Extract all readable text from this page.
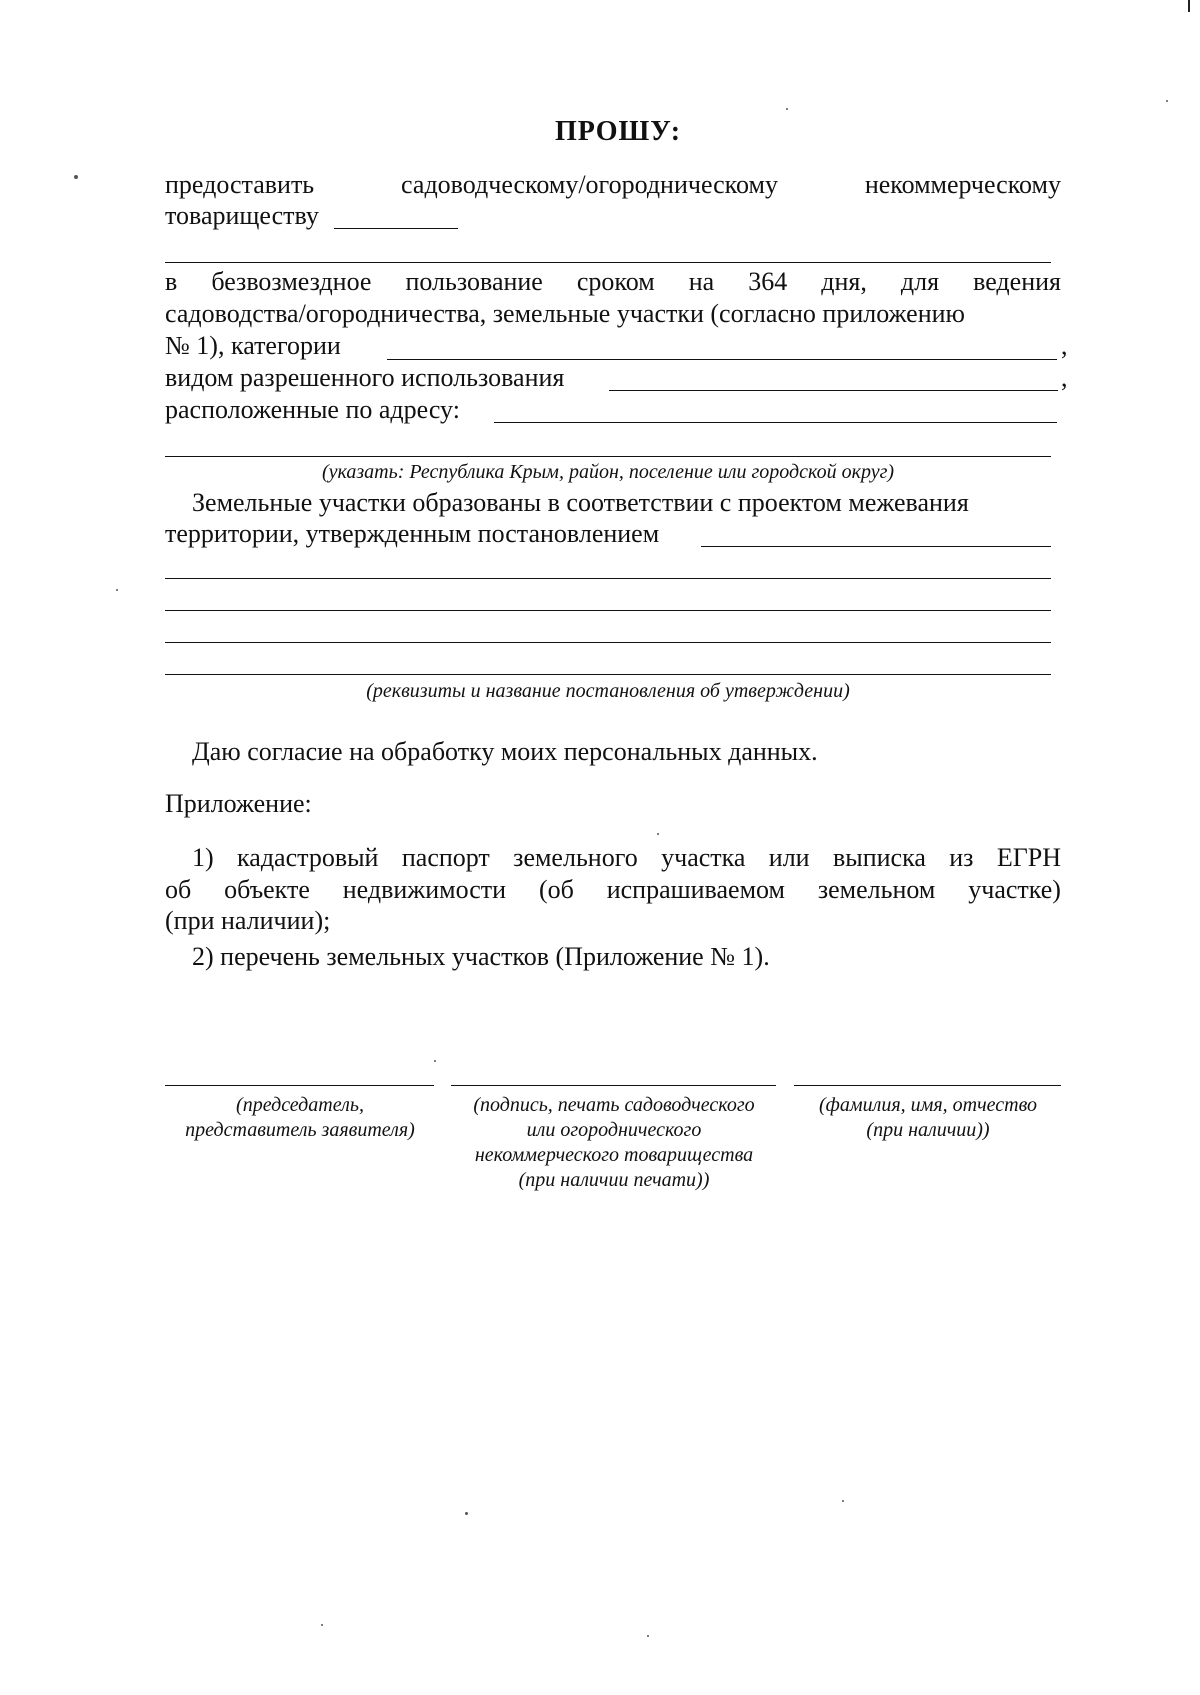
ПРОШУ:
предоставить	садоводческому/огородническому	некоммерческому
товариществу
в безвозмездное пользование сроком на 364 дня, для ведения
садоводства/огородничества, земельные участки (согласно приложению
№ 1), категории	,
видом разрешенного использования	,
расположенные по адресу:
(указать: Республика Крым, район, поселение или городской округ)
Земельные участки образованы в соответствии с проектом межевания
территории, утвержденным постановлением
(реквизиты и название постановления об утверждении)
Даю согласие на обработку моих персональных данных.
Приложение:
1) кадастровый паспорт земельного участка или выписка из ЕГРН
об объекте недвижимости (об испрашиваемом земельном участке)
(при наличии);
2) перечень земельных участков (Приложение № 1).
(председатель,
представитель заявителя)
(подпись, печать садоводческого
или огороднического
некоммерческого товарищества
(при наличии печати))
(фамилия, имя, отчество
(при наличии))
